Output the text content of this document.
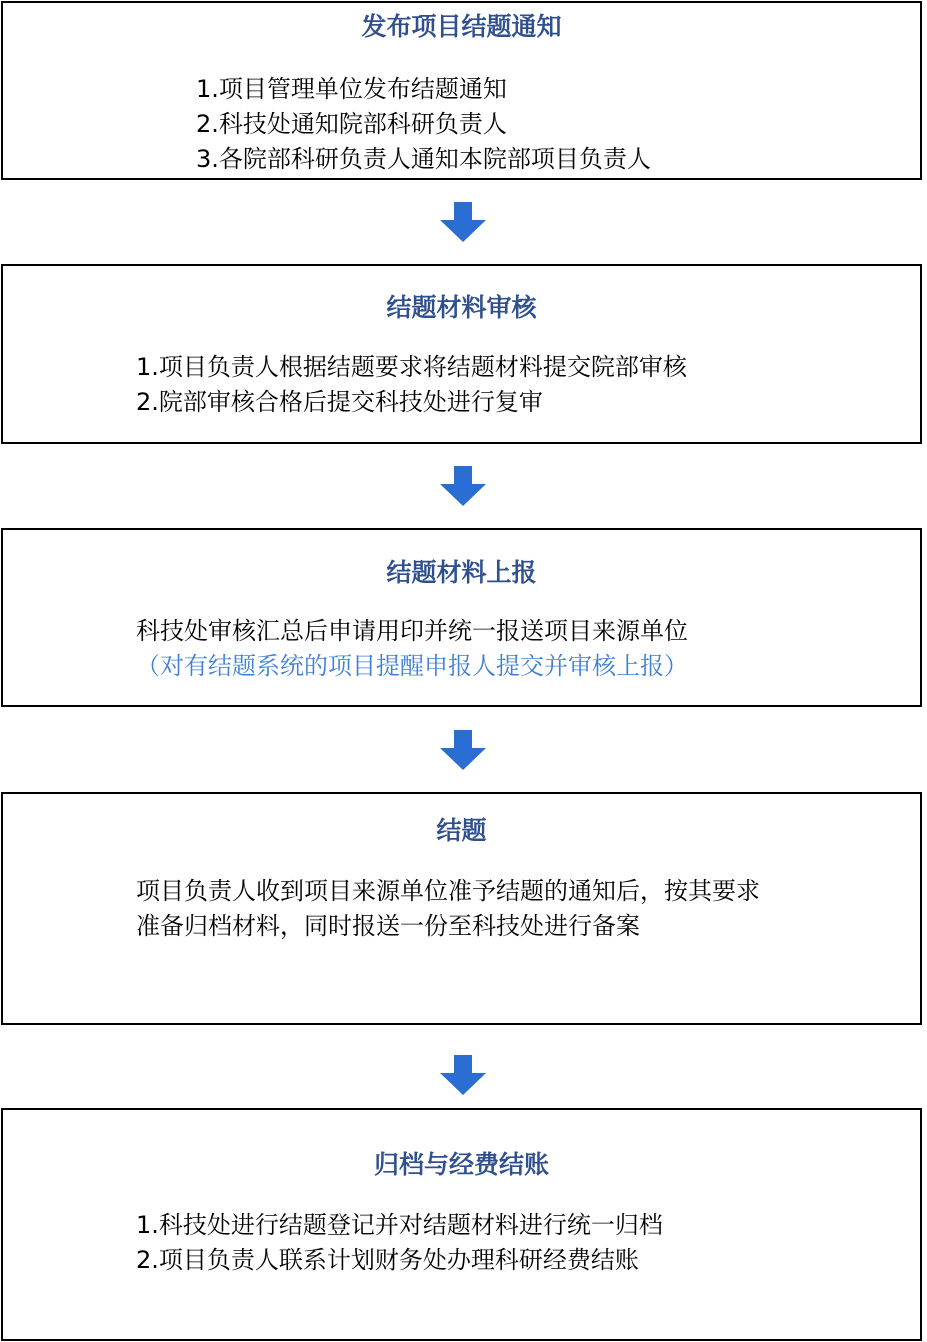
发布项目结题通知
1.项目管理单位发布结题通知
2.科技处通知院部科研负责人
3.各院部科研负责人通知本院部项目负责人
结题材料审核
1.项目负责人根据结题要求将结题材料提交院部审核
2.院部审核合格后提交科技处进行复审
结题材料上报
科技处审核汇总后申请用印并统一报送项目来源单位
（对有结题系统的项目提醒申报人提交并审核上报）
结题
项目负责人收到项目来源单位准予结题的通知后，按其要求
准备归档材料，同时报送一份至科技处进行备案
归档与经费结账
1.科技处进行结题登记并对结题材料进行统一归档
2.项目负责人联系计划财务处办理科研经费结账
